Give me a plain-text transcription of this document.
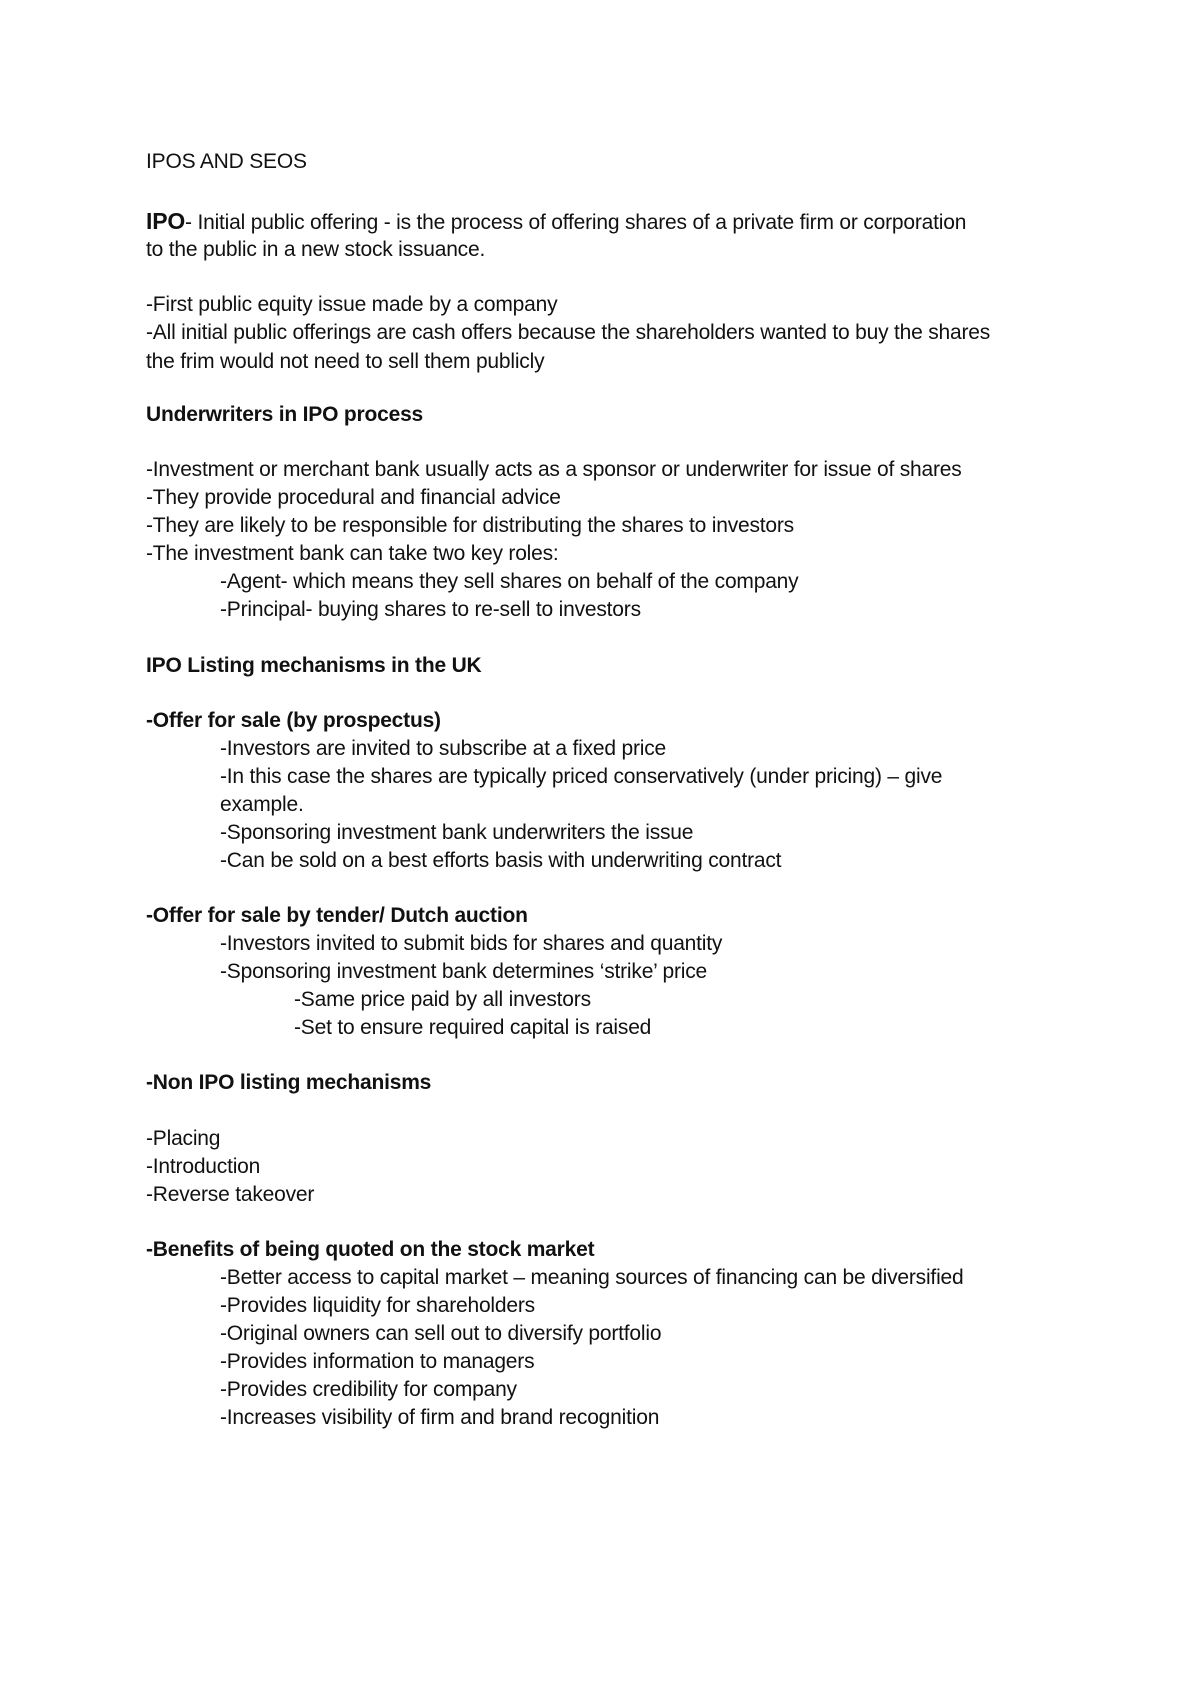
IPOS AND SEOS
IPO- Initial public offering - is the process of offering shares of a private firm or corporation
to the public in a new stock issuance.
-First public equity issue made by a company
-All initial public offerings are cash offers because the shareholders wanted to buy the shares
the frim would not need to sell them publicly
Underwriters in IPO process
-Investment or merchant bank usually acts as a sponsor or underwriter for issue of shares
-They provide procedural and financial advice
-They are likely to be responsible for distributing the shares to investors
-The investment bank can take two key roles:
-Agent- which means they sell shares on behalf of the company
-Principal- buying shares to re-sell to investors
IPO Listing mechanisms in the UK
-Offer for sale (by prospectus)
-Investors are invited to subscribe at a fixed price
-In this case the shares are typically priced conservatively (under pricing) – give
example.
-Sponsoring investment bank underwriters the issue
-Can be sold on a best efforts basis with underwriting contract
-Offer for sale by tender/ Dutch auction
-Investors invited to submit bids for shares and quantity
-Sponsoring investment bank determines ‘strike’ price
-Same price paid by all investors
-Set to ensure required capital is raised
-Non IPO listing mechanisms
-Placing
-Introduction
-Reverse takeover
-Benefits of being quoted on the stock market
-Better access to capital market – meaning sources of financing can be diversified
-Provides liquidity for shareholders
-Original owners can sell out to diversify portfolio
-Provides information to managers
-Provides credibility for company
-Increases visibility of firm and brand recognition
